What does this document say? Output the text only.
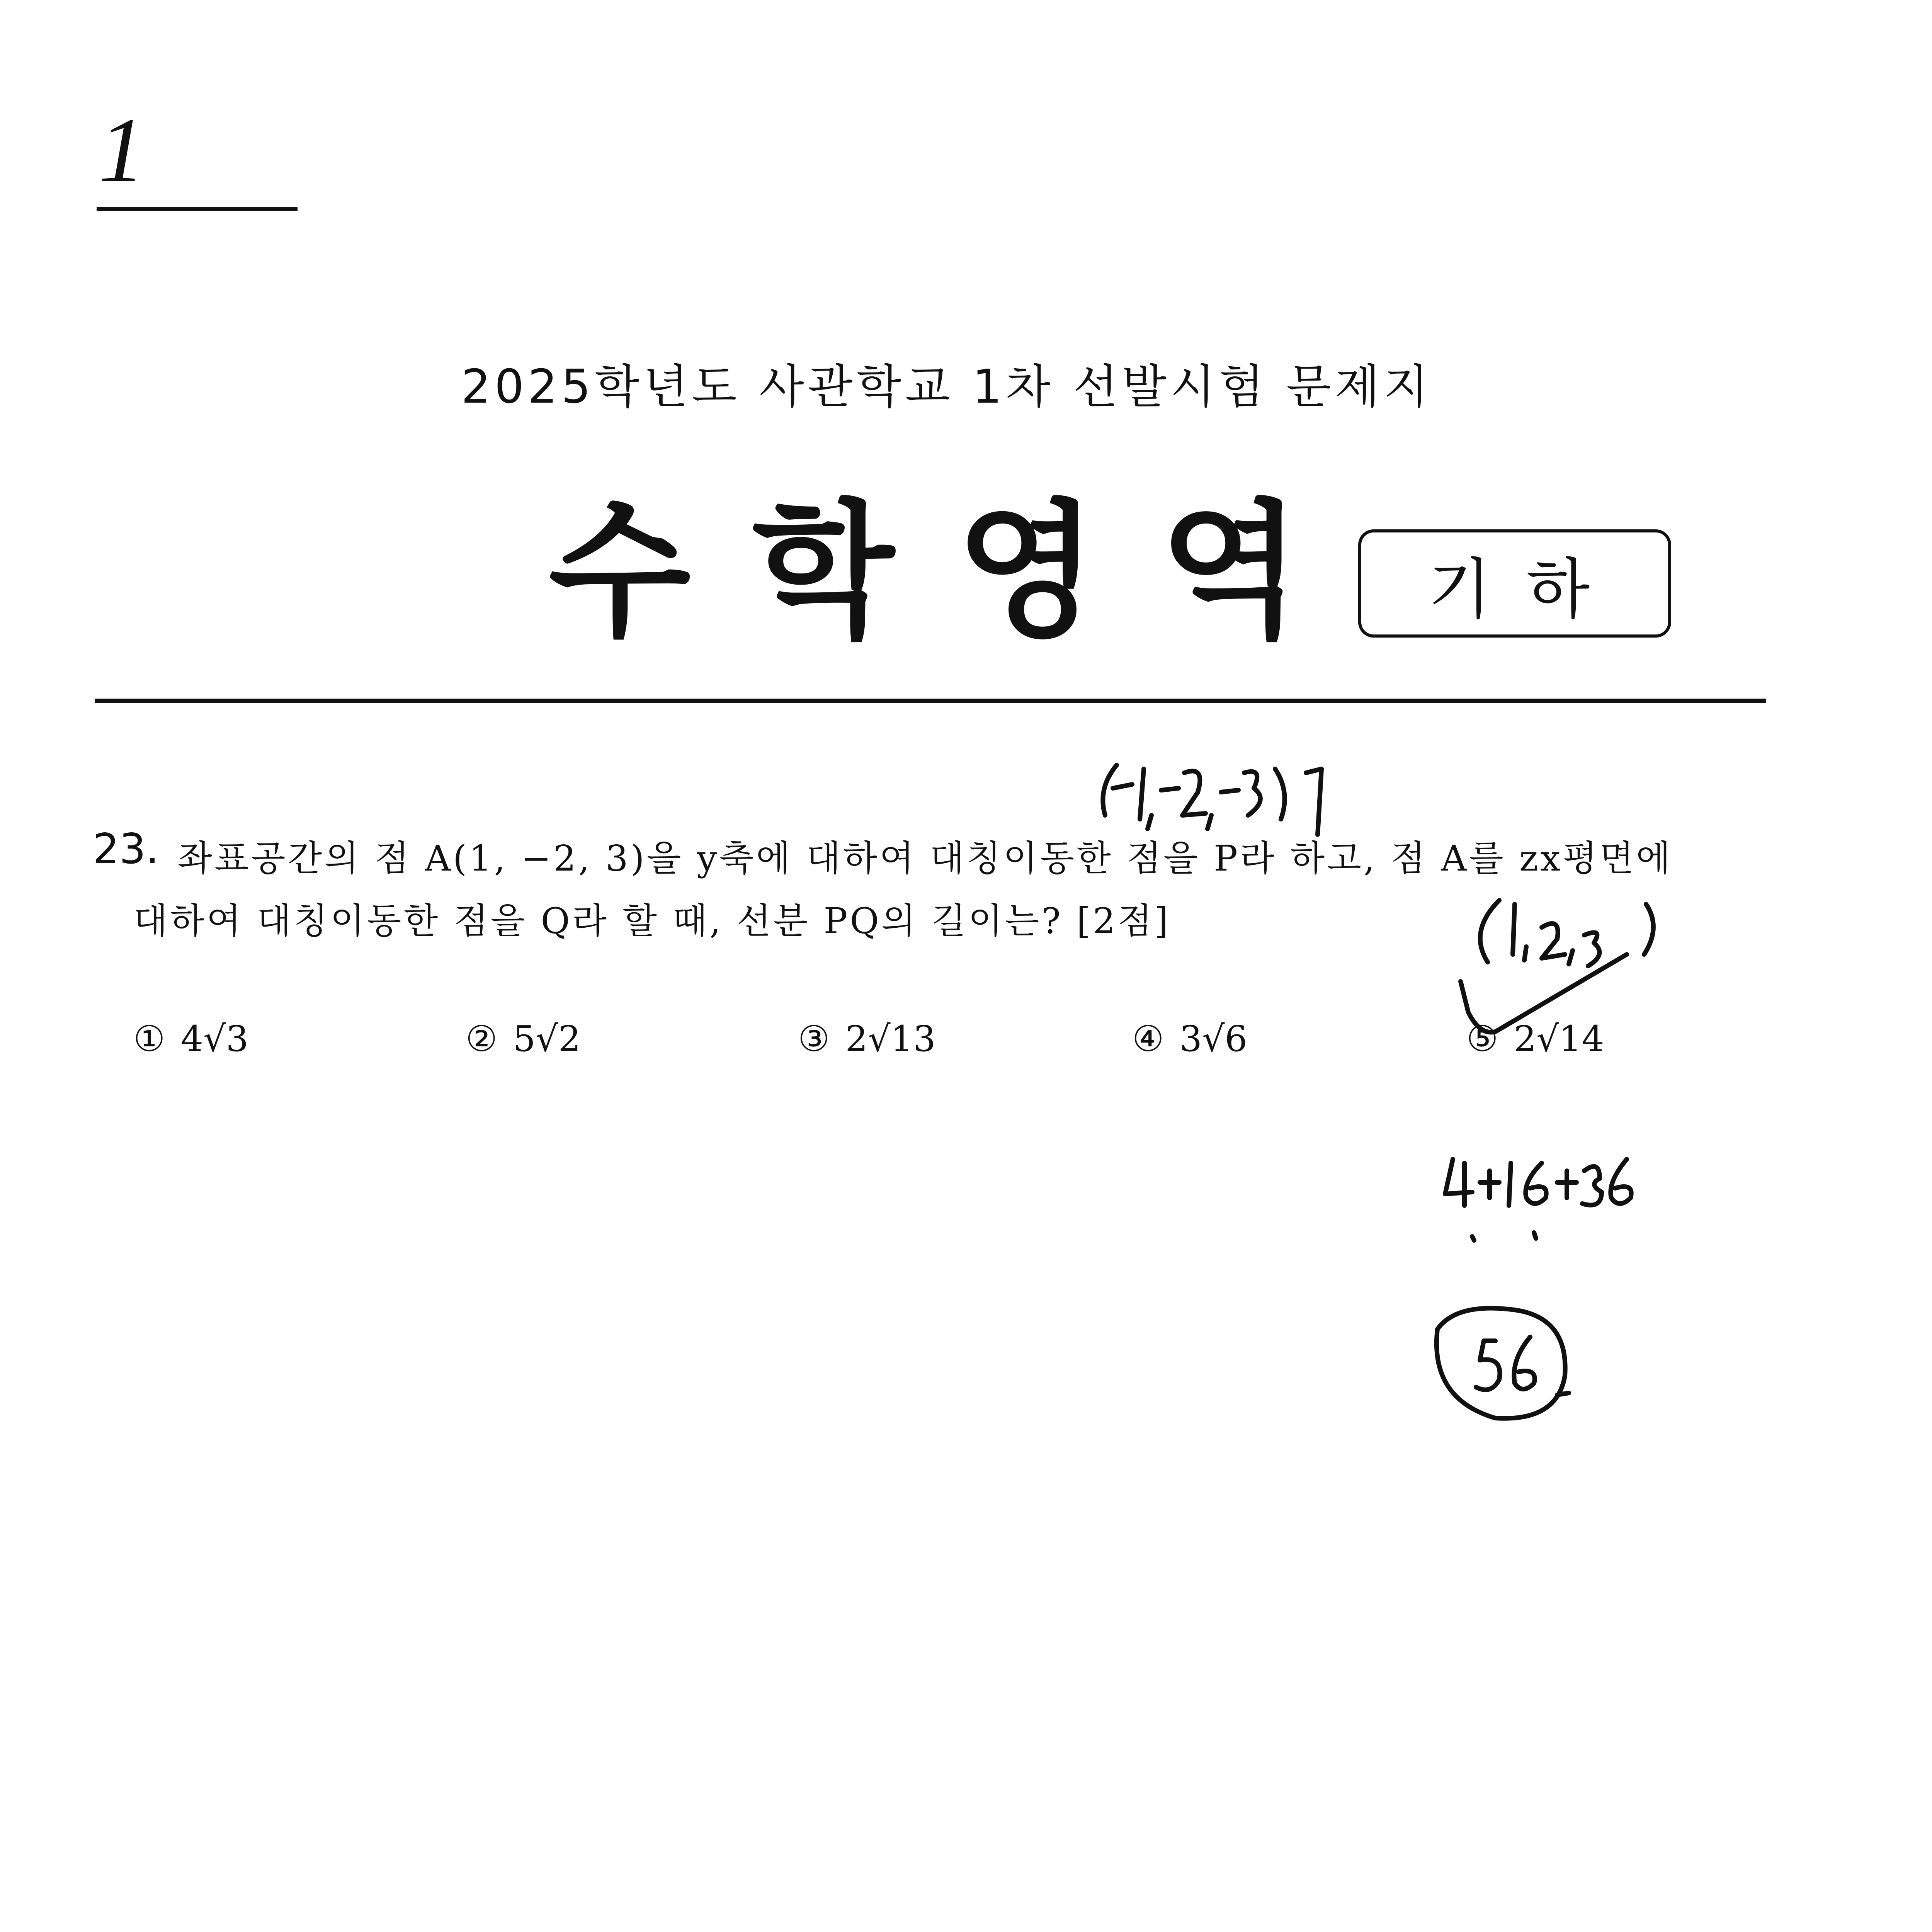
1
2025학년도 사관학교 1차 선발시험 문제지
수학영역 기하
23. 좌표공간의 점 A(1, −2, 3)을 y축에 대하여 대칭이동한 점을 P라 하고, 점 A를 zx평면에
대하여 대칭이동한 점을 Q라 할 때, 선분 PQ의 길이는? [2점]
① 4√3	② 5√2	③ 2√13	④ 3√6	⑤ 2√14
